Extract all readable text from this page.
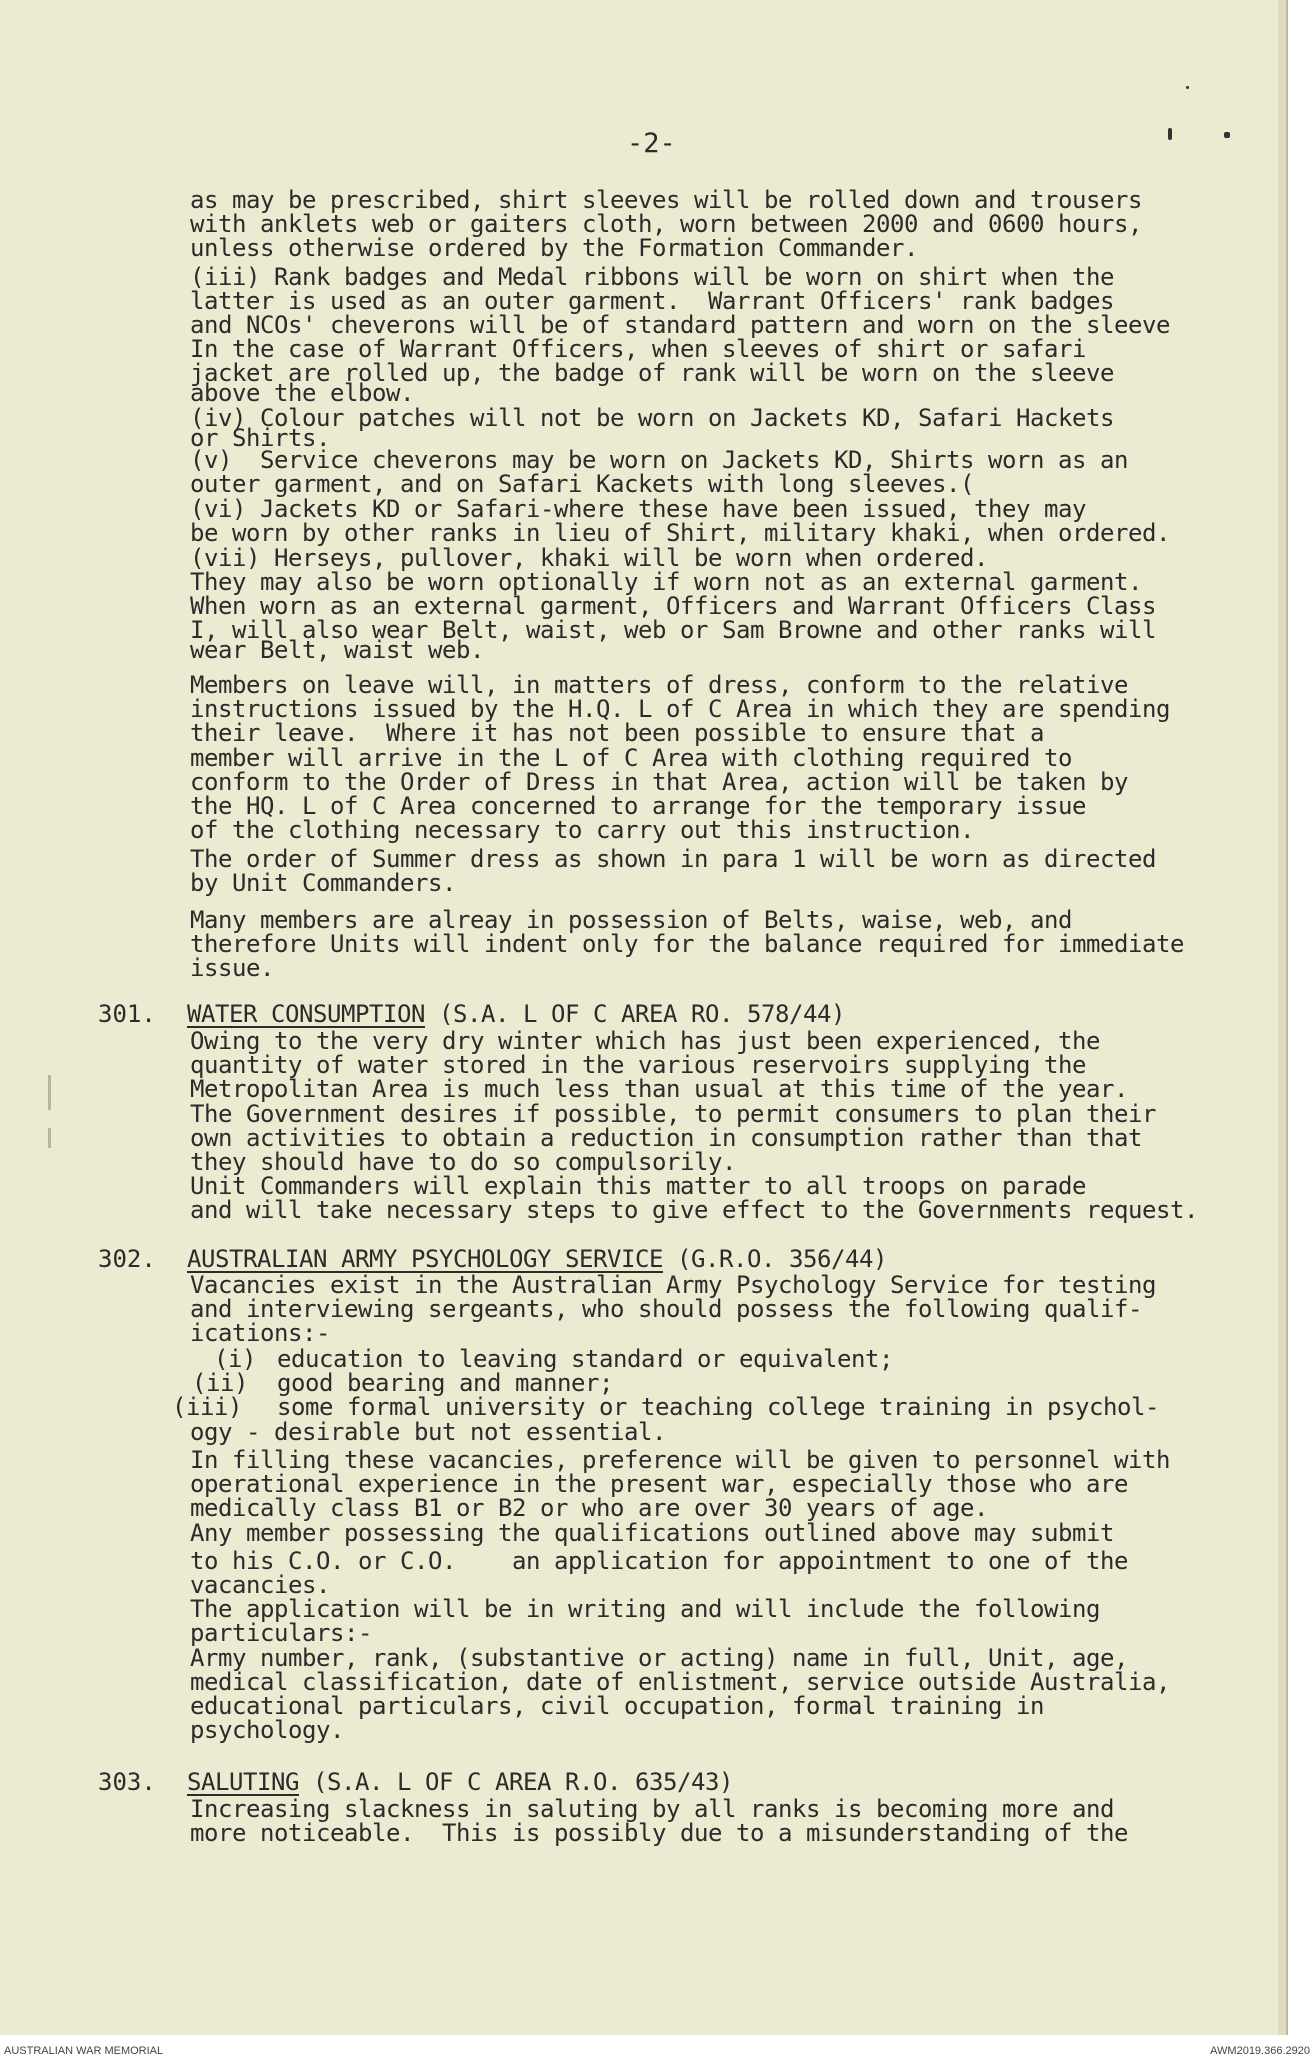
-2-
as may be prescribed, shirt sleeves will be rolled down and trousers
with anklets web or gaiters cloth, worn between 2000 and 0600 hours,
unless otherwise ordered by the Formation Commander.
(iii) Rank badges and Medal ribbons will be worn on shirt when the
latter is used as an outer garment.  Warrant Officers' rank badges
and NCOs' cheverons will be of standard pattern and worn on the sleeve
In the case of Warrant Officers, when sleeves of shirt or safari
jacket are rolled up, the badge of rank will be worn on the sleeve
above the elbow.
(iv) Colour patches will not be worn on Jackets KD, Safari Hackets
or Shirts.
(v)  Service cheverons may be worn on Jackets KD, Shirts worn as an
outer garment, and on Safari Kackets with long sleeves.(
(vi) Jackets KD or Safari-where these have been issued, they may
be worn by other ranks in lieu of Shirt, military khaki, when ordered.
(vii) Herseys, pullover, khaki will be worn when ordered.
They may also be worn optionally if worn not as an external garment.
When worn as an external garment, Officers and Warrant Officers Class
I, will also wear Belt, waist, web or Sam Browne and other ranks will
wear Belt, waist web.
Members on leave will, in matters of dress, conform to the relative
instructions issued by the H.Q. L of C Area in which they are spending
their leave.  Where it has not been possible to ensure that a
member will arrive in the L of C Area with clothing required to
conform to the Order of Dress in that Area, action will be taken by
the HQ. L of C Area concerned to arrange for the temporary issue
of the clothing necessary to carry out this instruction.
The order of Summer dress as shown in para 1 will be worn as directed
by Unit Commanders.
Many members are alreay in possession of Belts, waise, web, and
therefore Units will indent only for the balance required for immediate
issue.
301. WATER CONSUMPTION (S.A. L OF C AREA RO. 578/44)
Owing to the very dry winter which has just been experienced, the
quantity of water stored in the various reservoirs supplying the
Metropolitan Area is much less than usual at this time of the year.
The Government desires if possible, to permit consumers to plan their
own activities to obtain a reduction in consumption rather than that
they should have to do so compulsorily.
Unit Commanders will explain this matter to all troops on parade
and will take necessary steps to give effect to the Governments request.
302. AUSTRALIAN ARMY PSYCHOLOGY SERVICE (G.R.O. 356/44)
Vacancies exist in the Australian Army Psychology Service for testing
and interviewing sergeants, who should possess the following qualif-
ications:-
(i) education to leaving standard or equivalent;
(ii) good bearing and manner;
(iii) some formal university or teaching college training in psychol-
ogy - desirable but not essential.
In filling these vacancies, preference will be given to personnel with
operational experience in the present war, especially those who are
medically class B1 or B2 or who are over 30 years of age.
Any member possessing the qualifications outlined above may submit
to his C.O. or C.O.    an application for appointment to one of the
vacancies.
The application will be in writing and will include the following
particulars:-
Army number, rank, (substantive or acting) name in full, Unit, age,
medical classification, date of enlistment, service outside Australia,
educational particulars, civil occupation, formal training in
psychology.
303. SALUTING (S.A. L OF C AREA R.O. 635/43)
Increasing slackness in saluting by all ranks is becoming more and
more noticeable.  This is possibly due to a misunderstanding of the
AUSTRALIAN WAR MEMORIAL	AWM2019.366.2920
